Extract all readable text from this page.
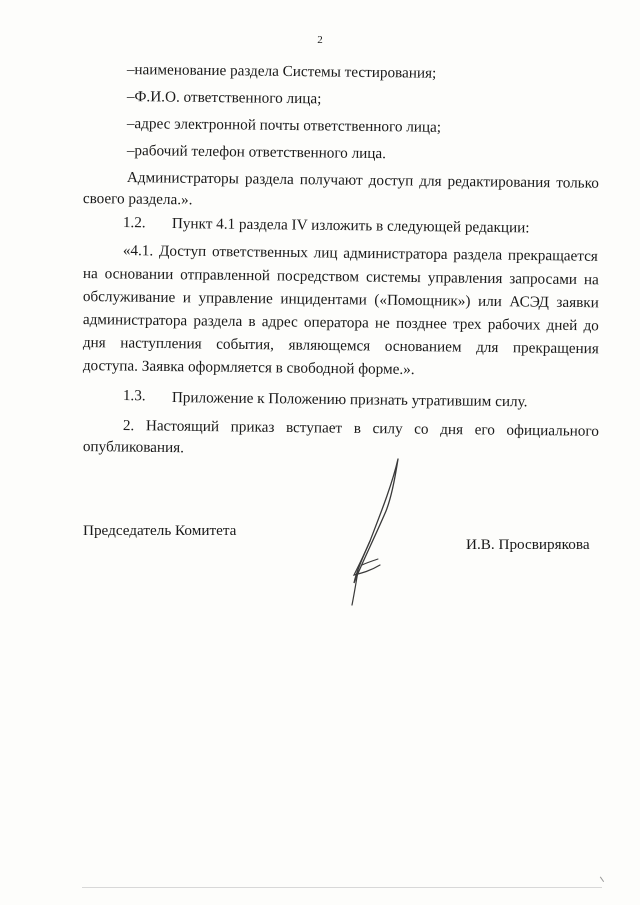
2
–наименование раздела Системы тестирования;
–Ф.И.О. ответственного лица;
–адрес электронной почты ответственного лица;
–рабочий телефон ответственного лица.
Администраторы раздела получают доступ для редактирования только
своего раздела.».
1.2. Пункт 4.1 раздела IV изложить в следующей редакции:
«4.1. Доступ ответственных лиц администратора раздела прекращается
на основании отправленной посредством системы управления запросами на
обслуживание и управление инцидентами («Помощник») или АСЭД заявки
администратора раздела в адрес оператора не позднее трех рабочих дней до
дня наступления события, являющемся основанием для прекращения
доступа. Заявка оформляется в свободной форме.».
1.3. Приложение к Положению признать утратившим силу.
2. Настоящий приказ вступает в силу со дня его официального
опубликования.
Председатель Комитета
И.В. Просвирякова
